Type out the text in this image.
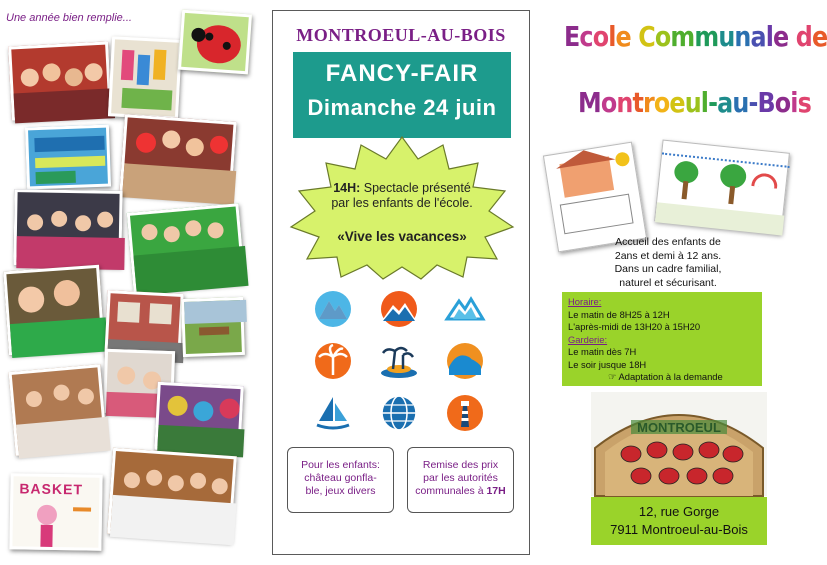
Une année bien remplie...
BASKET
MONTROEUL-AU-BOIS
FANCY-FAIR
Dimanche 24 juin
14H: Spectacle présenté
par les enfants de l'école.
«Vive les vacances»
Pour les enfants:
château gonfla-
ble, jeux divers
Remise des prix
par les autorités
communales à 17H
Ecole Communale de
Montroeul-au-Bois
Accueil des enfants de
2ans et demi à 12 ans.
Dans un cadre familial,
naturel et sécurisant.
Horaire:
Le matin de 8H25 à 12H
L'après-midi de 13H20 à 15H20
Garderie:
Le matin dès 7H
Le soir jusque 18H
☞ Adaptation à la demande
MONTROEUL
12, rue Gorge
7911 Montroeul-au-Bois
